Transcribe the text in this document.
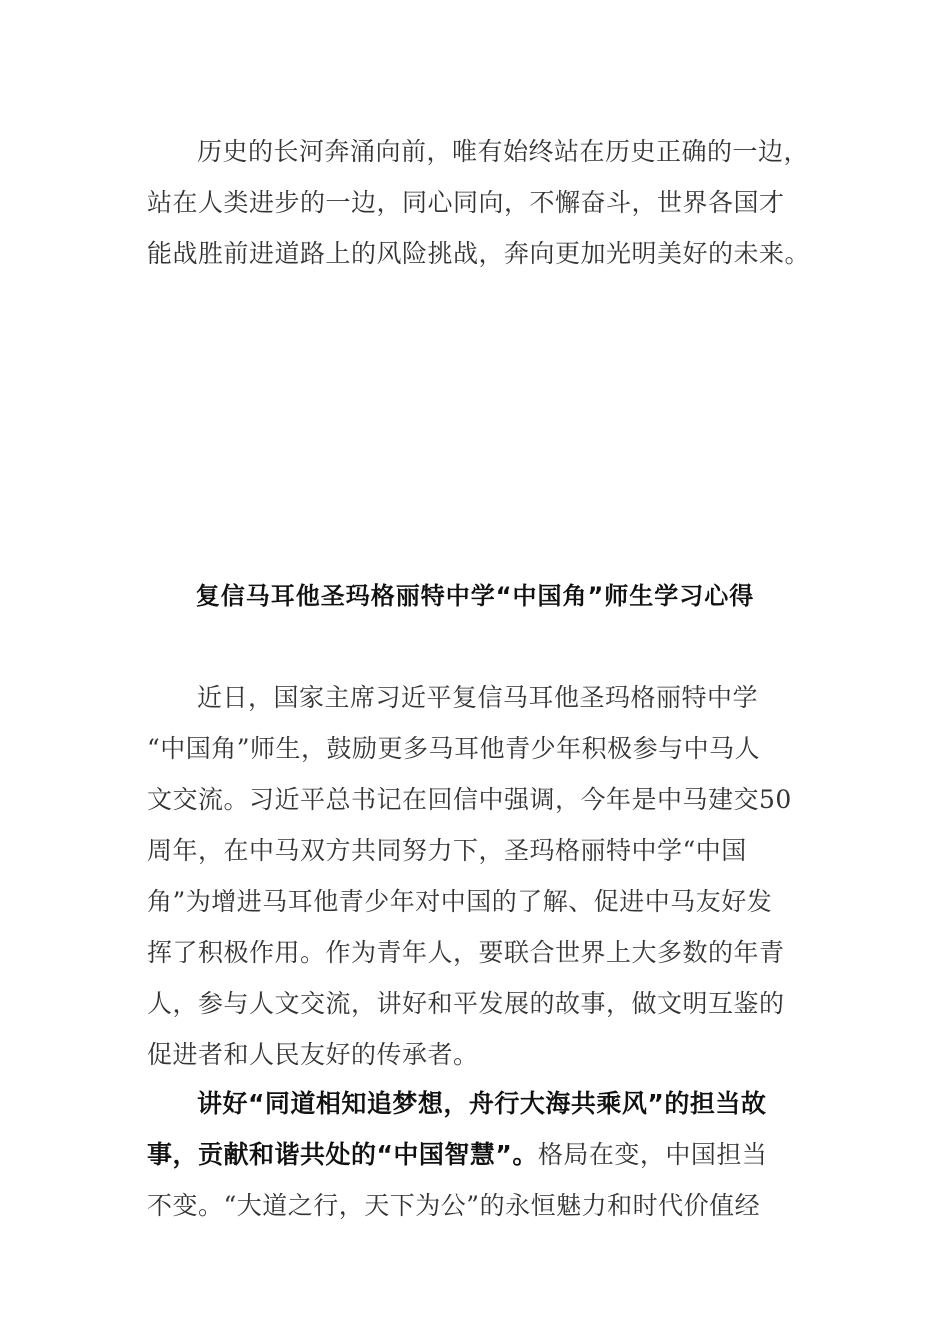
历史的长河奔涌向前，唯有始终站在历史正确的一边，
站在人类进步的一边，同心同向，不懈奋斗，世界各国才
能战胜前进道路上的风险挑战，奔向更加光明美好的未来。
复信马耳他圣玛格丽特中学“中国角”师生学习心得
近日，国家主席习近平复信马耳他圣玛格丽特中学
“中国角”师生，鼓励更多马耳他青少年积极参与中马人
文交流。习近平总书记在回信中强调，今年是中马建交50
周年，在中马双方共同努力下，圣玛格丽特中学“中国
角”为增进马耳他青少年对中国的了解、促进中马友好发
挥了积极作用。作为青年人，要联合世界上大多数的年青
人，参与人文交流，讲好和平发展的故事，做文明互鉴的
促进者和人民友好的传承者。
讲好“同道相知追梦想，舟行大海共乘风”的担当故
事，贡献和谐共处的“中国智慧”。格局在变，中国担当
不变。“大道之行，天下为公”的永恒魅力和时代价值经
